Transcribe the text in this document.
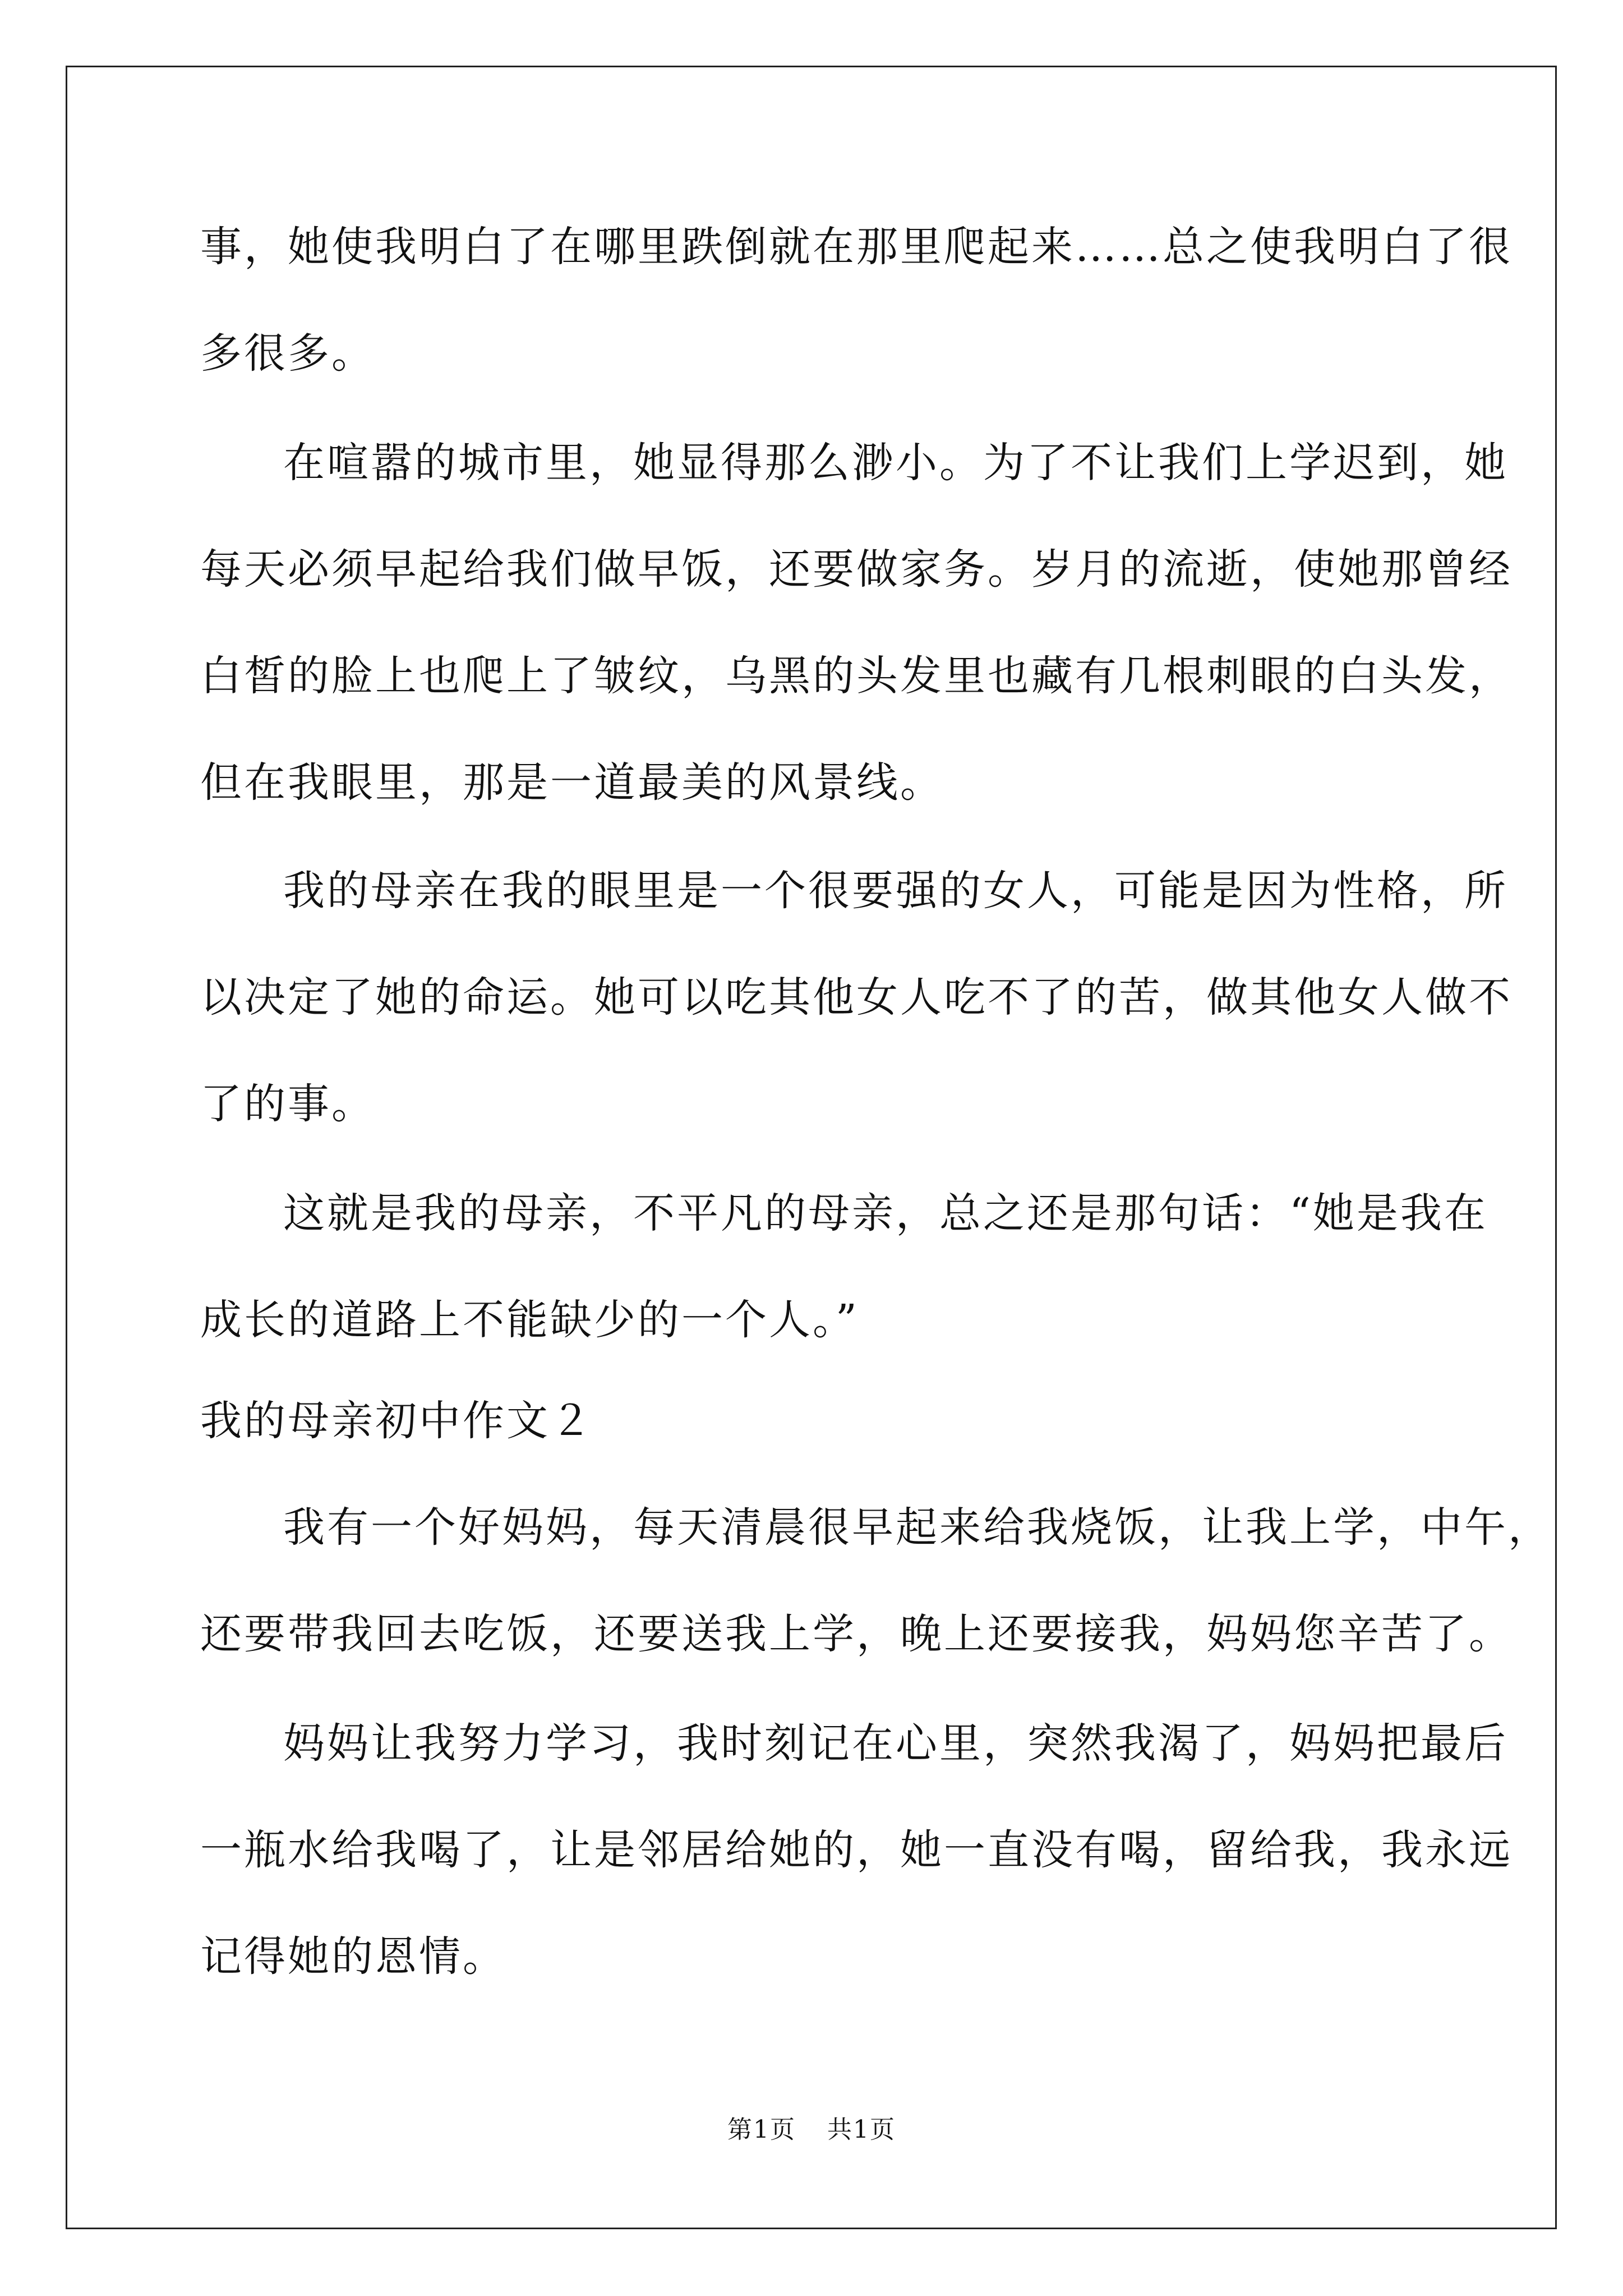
事，她使我明白了在哪里跌倒就在那里爬起来……总之使我明白了很
多很多。
在喧嚣的城市里，她显得那么渺小。为了不让我们上学迟到，她
每天必须早起给我们做早饭，还要做家务。岁月的流逝，使她那曾经
白皙的脸上也爬上了皱纹，乌黑的头发里也藏有几根刺眼的白头发，
但在我眼里，那是一道最美的风景线。
我的母亲在我的眼里是一个很要强的女人，可能是因为性格，所
以决定了她的命运。她可以吃其他女人吃不了的苦，做其他女人做不
了的事。
这就是我的母亲，不平凡的母亲，总之还是那句话：“她是我在
成长的道路上不能缺少的一个人。”
我的母亲初中作文２
我有一个好妈妈，每天清晨很早起来给我烧饭，让我上学，中午，
还要带我回去吃饭，还要送我上学，晚上还要接我，妈妈您辛苦了。
妈妈让我努力学习，我时刻记在心里，突然我渴了，妈妈把最后
一瓶水给我喝了，让是邻居给她的，她一直没有喝，留给我，我永远
记得她的恩情。
第1页 共1页
